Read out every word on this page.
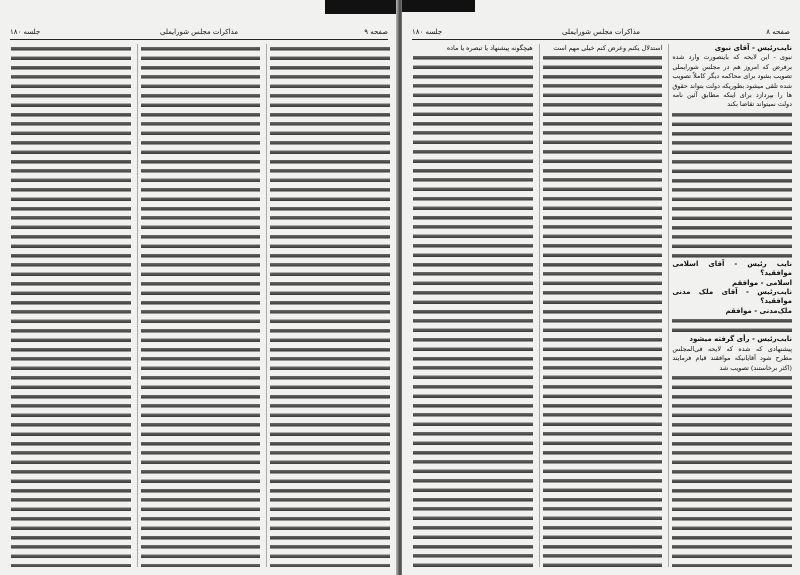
صفحه ۹
مذاکرات مجلس شورایملی
جلسه ۱۸۰	صفحه ۸
مذاکرات مجلس شورایملی
جلسه ۱۸۰
نایب‌رئیس - آقای نبوی

نبوی - این لایحه که باینصورت وارد شده برفرض که امروز هم در مجلس شورایملی تصویب بشود برای محاکمه دیگر کاملاً تصویب شده تلقی میشود بطوریکه دولت بتواند حقوق ها را بپردازد برای اینکه مطابق آئین نامه دولت نمیتواند تقاضا بکند

نایب رئیس - آقای اسلامی موافقید؟
اسلامی - موافقم
نایب‌رئیس - آقای ملک مدنی موافقید؟
ملک‌مدنی - موافقم
نایب‌رئیس - رأی گرفته میشود

پیشنهادی که شده که لایحه فی‌المجلس مطرح شود آقایانیکه موافقند قیام فرمایند (اکثر برخاستند) تصویب شد

استدلال یکنم وعرض کنم خیلی مهم است

هیچگونه پیشنهاد یا تبصره یا ماده
